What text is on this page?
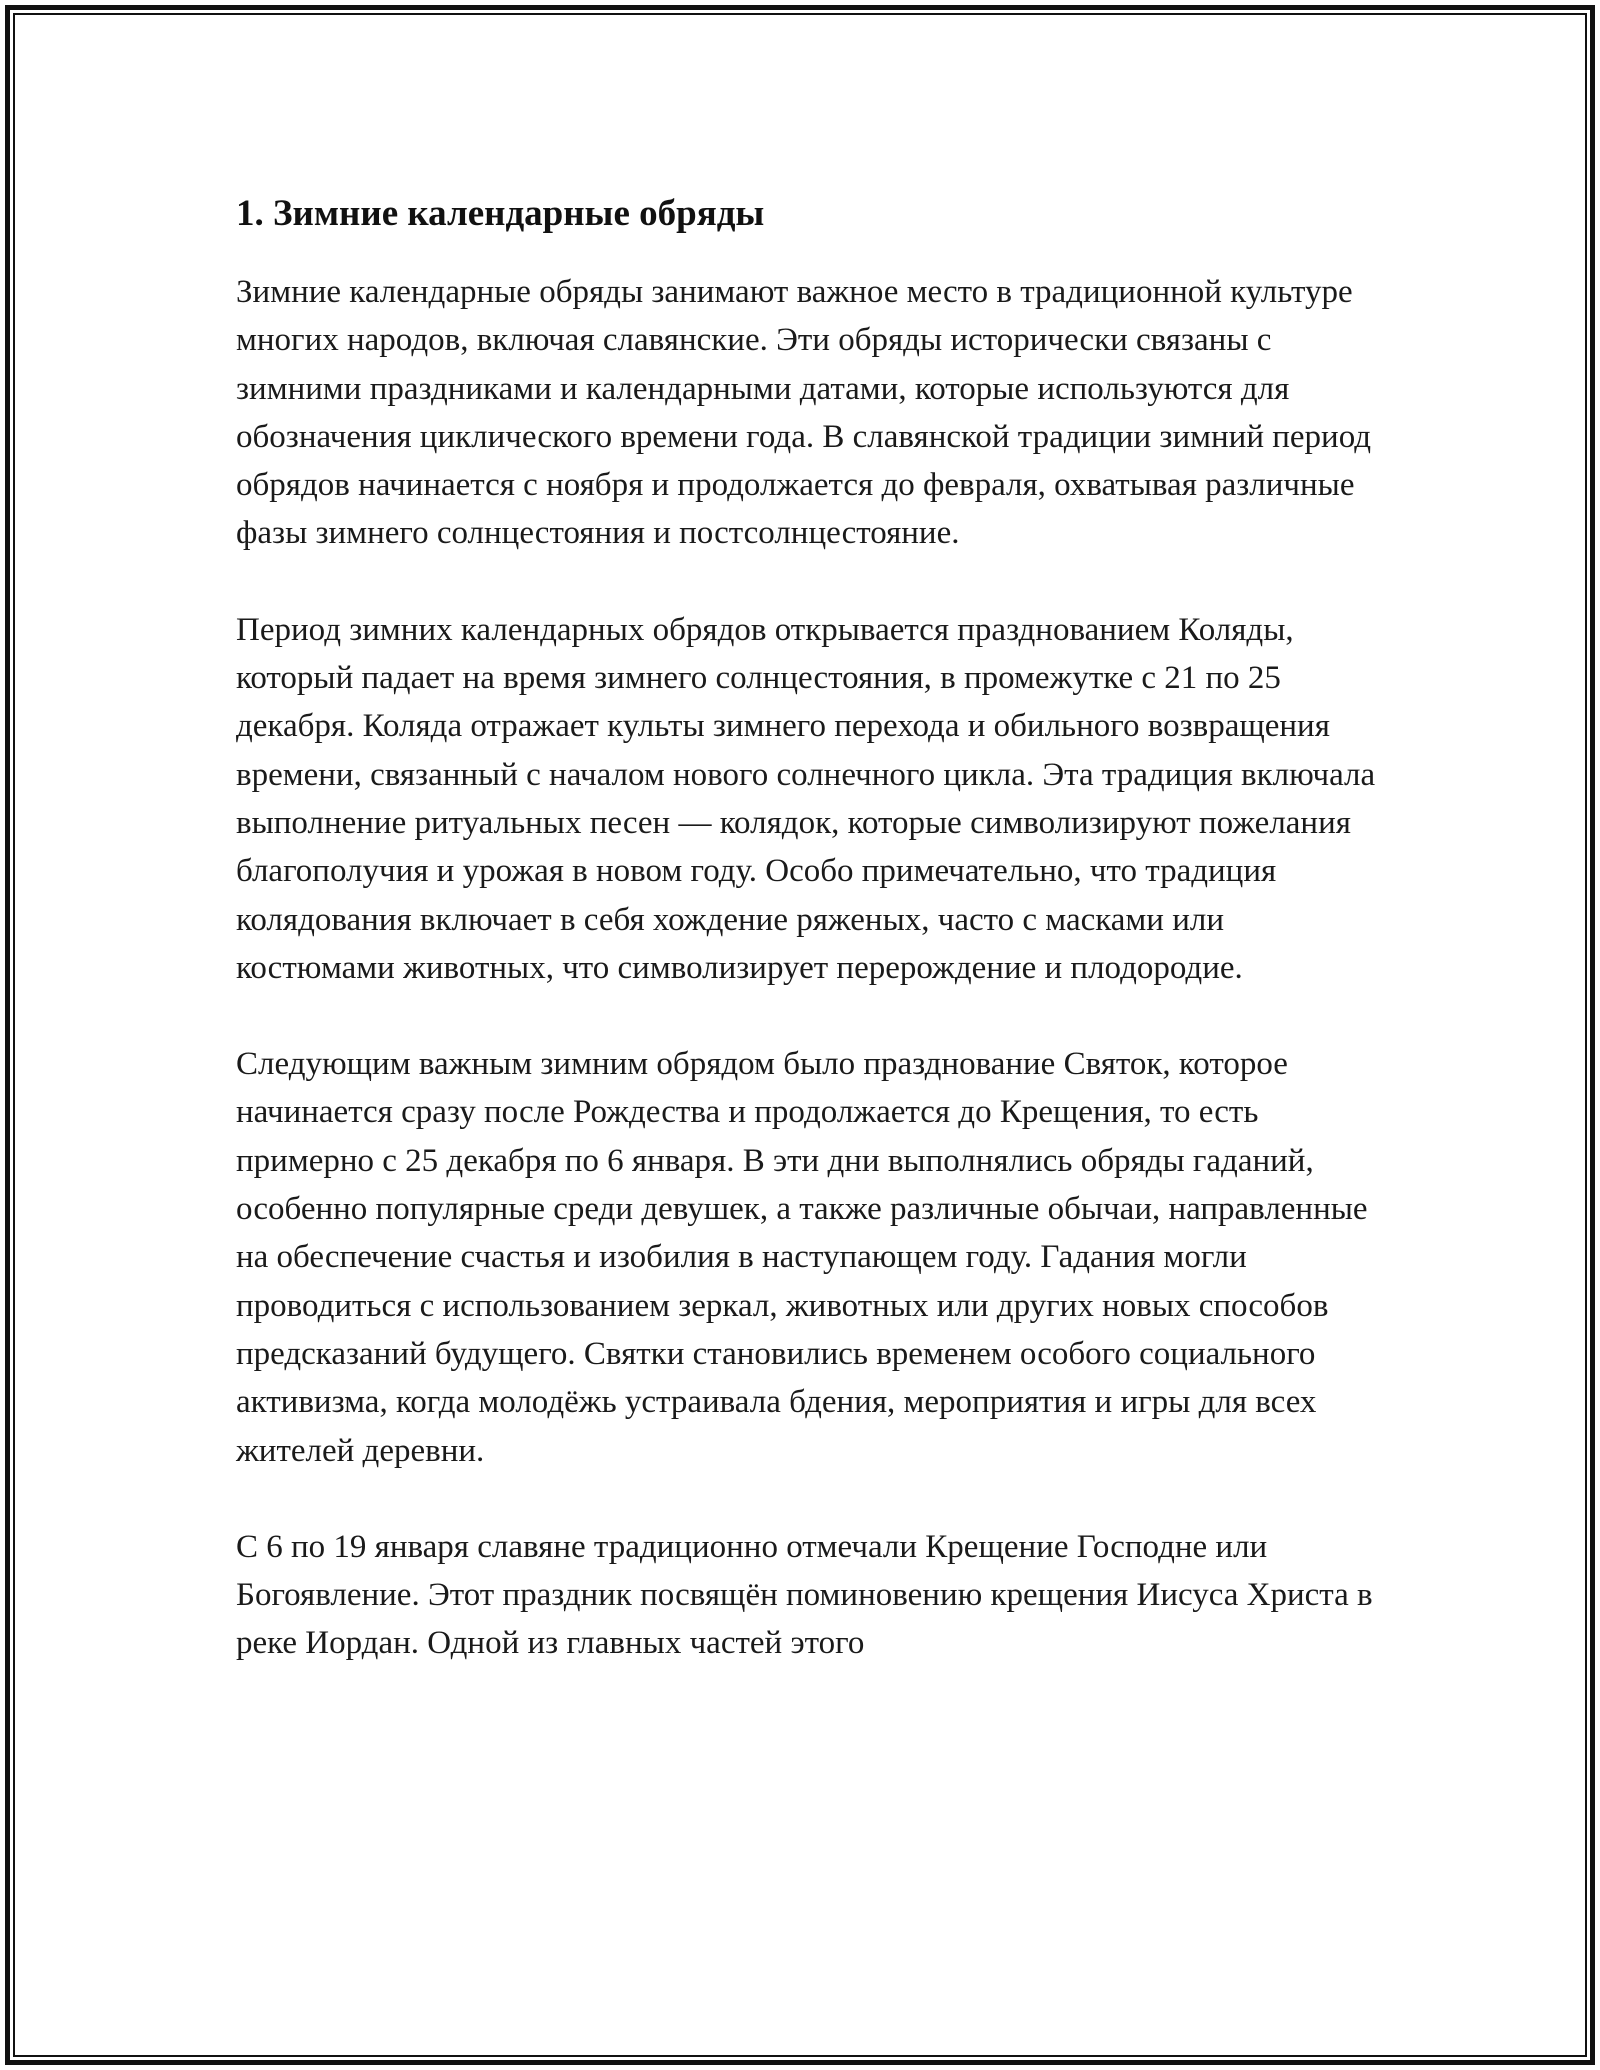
1. Зимние календарные обряды

Зимние календарные обряды занимают важное место в традиционной культуре многих народов, включая славянские. Эти обряды исторически связаны с зимними праздниками и календарными датами, которые используются для обозначения циклического времени года. В славянской традиции зимний период обрядов начинается с ноября и продолжается до февраля, охватывая различные фазы зимнего солнцестояния и постсолнцестояние.

Период зимних календарных обрядов открывается празднованием Коляды, который падает на время зимнего солнцестояния, в промежутке с 21 по 25 декабря. Коляда отражает культы зимнего перехода и обильного возвращения времени, связанный с началом нового солнечного цикла. Эта традиция включала выполнение ритуальных песен — колядок, которые символизируют пожелания благополучия и урожая в новом году. Особо примечательно, что традиция колядования включает в себя хождение ряженых, часто с масками или костюмами животных, что символизирует перерождение и плодородие.

Следующим важным зимним обрядом было празднование Святок, которое начинается сразу после Рождества и продолжается до Крещения, то есть примерно с 25 декабря по 6 января. В эти дни выполнялись обряды гаданий, особенно популярные среди девушек, а также различные обычаи, направленные на обеспечение счастья и изобилия в наступающем году. Гадания могли проводиться с использованием зеркал, животных или других новых способов предсказаний будущего. Святки становились временем особого социального активизма, когда молодёжь устраивала бдения, мероприятия и игры для всех жителей деревни.

С 6 по 19 января славяне традиционно отмечали Крещение Господне или Богоявление. Этот праздник посвящён поминовению крещения Иисуса Христа в реке Иордан. Одной из главных частей этого
